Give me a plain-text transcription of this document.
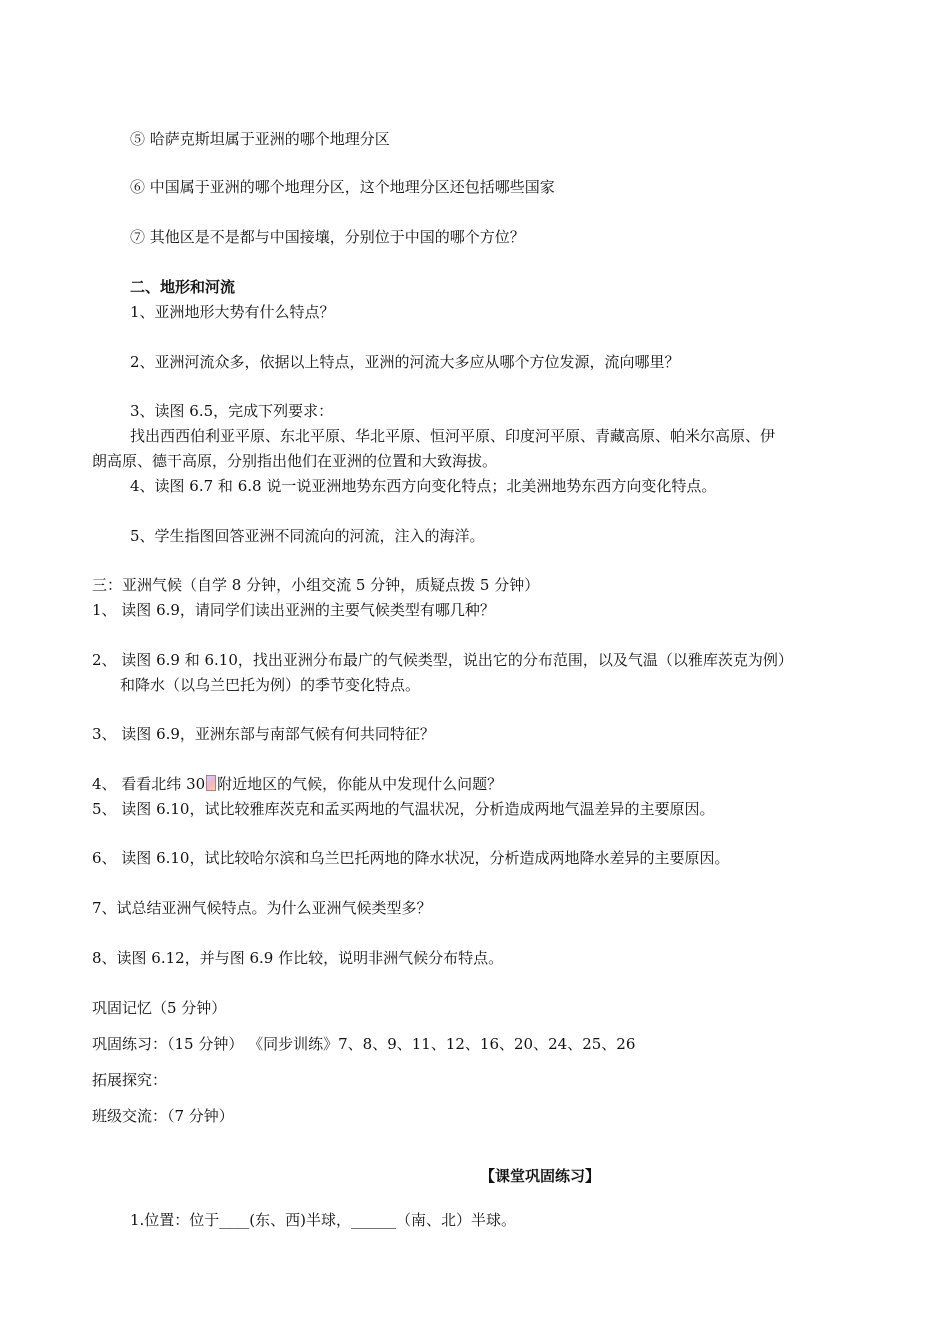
⑤ 哈萨克斯坦属于亚洲的哪个地理分区
⑥ 中国属于亚洲的哪个地理分区，这个地理分区还包括哪些国家
⑦ 其他区是不是都与中国接壤，分别位于中国的哪个方位？
二、地形和河流
1、亚洲地形大势有什么特点？
2、亚洲河流众多，依据以上特点，亚洲的河流大多应从哪个方位发源，流向哪里？
3、读图 6.5，完成下列要求：
找出西西伯利亚平原、东北平原、华北平原、恒河平原、印度河平原、青藏高原、帕米尔高原、伊
朗高原、德干高原，分别指出他们在亚洲的位置和大致海拔。
4、读图 6.7 和 6.8 说一说亚洲地势东西方向变化特点；北美洲地势东西方向变化特点。
5、学生指图回答亚洲不同流向的河流，注入的海洋。
三：亚洲气候（自学 8 分钟，小组交流 5 分钟，质疑点拨 5 分钟）
1、 读图 6.9，请同学们读出亚洲的主要气候类型有哪几种？
2、 读图 6.9 和 6.10，找出亚洲分布最广的气候类型，说出它的分布范围，以及气温（以雅库茨克为例）
和降水（以乌兰巴托为例）的季节变化特点。
3、 读图 6.9，亚洲东部与南部气候有何共同特征？
4、 看看北纬 30 附近地区的气候，你能从中发现什么问题？
5、 读图 6.10，试比较雅库茨克和孟买两地的气温状况，分析造成两地气温差异的主要原因。
6、 读图 6.10，试比较哈尔滨和乌兰巴托两地的降水状况，分析造成两地降水差异的主要原因。
7、试总结亚洲气候特点。为什么亚洲气候类型多？
8、读图 6.12，并与图 6.9 作比较，说明非洲气候分布特点。
巩固记忆（5 分钟）
巩固练习：（15 分钟） 《同步训练》7、8、9、11、12、16、20、24、25、26
拓展探究：
班级交流：（7 分钟）
【课堂巩固练习】
1.位置：位于____(东、西)半球，______（南、北）半球。
